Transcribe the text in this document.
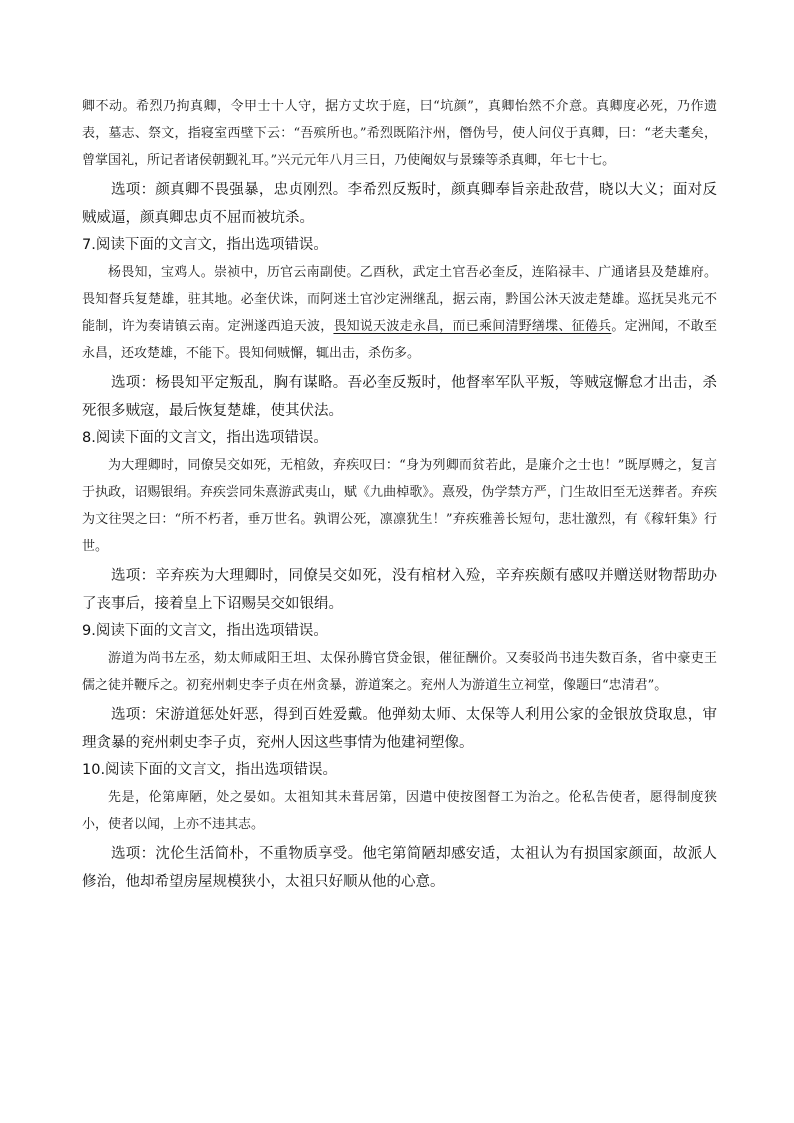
卿不动。希烈乃拘真卿，令甲士十人守，据方丈坎于庭，曰“坑颜”，真卿怡然不介意。真卿度必死，乃作遗表，墓志、祭文，指寝室西壁下云：“吾殡所也。”希烈既陷汴州，僭伪号，使人问仪于真卿，曰：“老夫耄矣，曾掌国礼，所记者诸侯朝觐礼耳。”兴元元年八月三日，乃使阉奴与景臻等杀真卿，年七十七。

选项：颜真卿不畏强暴，忠贞刚烈。李希烈反叛时，颜真卿奉旨亲赴敌营，晓以大义；面对反贼威逼，颜真卿忠贞不屈而被坑杀。

7.阅读下面的文言文，指出选项错误。

杨畏知，宝鸡人。崇祯中，历官云南副使。乙酉秋，武定土官吾必奎反，连陷禄丰、广通诸县及楚雄府。畏知督兵复楚雄，驻其地。必奎伏诛，而阿迷土官沙定洲继乱，据云南，黔国公沐天波走楚雄。巡抚吴兆元不能制，许为奏请镇云南。定洲遂西追天波，畏知说天波走永昌，而已乘间清野缮堞、征倦兵。定洲闻，不敢至永昌，还攻楚雄，不能下。畏知伺贼懈，辄出击，杀伤多。

选项：杨畏知平定叛乱，胸有谋略。吾必奎反叛时，他督率军队平叛，等贼寇懈怠才出击，杀死很多贼寇，最后恢复楚雄，使其伏法。

8.阅读下面的文言文，指出选项错误。

为大理卿时，同僚吴交如死，无棺敛，弃疾叹曰：“身为列卿而贫若此，是廉介之士也！”既厚赙之，复言于执政，诏赐银绢。弃疾尝同朱熹游武夷山，赋《九曲棹歌》。熹殁，伪学禁方严，门生故旧至无送葬者。弃疾为文往哭之曰：“所不朽者，垂万世名。孰谓公死，凛凛犹生！”弃疾雅善长短句，悲壮激烈，有《稼轩集》行世。

选项：辛弃疾为大理卿时，同僚吴交如死，没有棺材入殓，辛弃疾颇有感叹并赠送财物帮助办了丧事后，接着皇上下诏赐吴交如银绢。

9.阅读下面的文言文，指出选项错误。

游道为尚书左丞，劾太师咸阳王坦、太保孙腾官贷金银，催征酬价。又奏驳尚书违失数百条，省中豪吏王儒之徒并鞭斥之。初兖州刺史李子贞在州贪暴，游道案之。兖州人为游道生立祠堂，像题曰“忠清君”。

选项：宋游道惩处奸恶，得到百姓爱戴。他弹劾太师、太保等人利用公家的金银放贷取息，审理贪暴的兖州刺史李子贞，兖州人因这些事情为他建祠塑像。

10.阅读下面的文言文，指出选项错误。

先是，伦第庳陋，处之晏如。太祖知其未葺居第，因遣中使按图督工为治之。伦私告使者，愿得制度狭小，使者以闻，上亦不违其志。

选项：沈伦生活简朴，不重物质享受。他宅第简陋却感安适，太祖认为有损国家颜面，故派人修治，他却希望房屋规模狭小，太祖只好顺从他的心意。
